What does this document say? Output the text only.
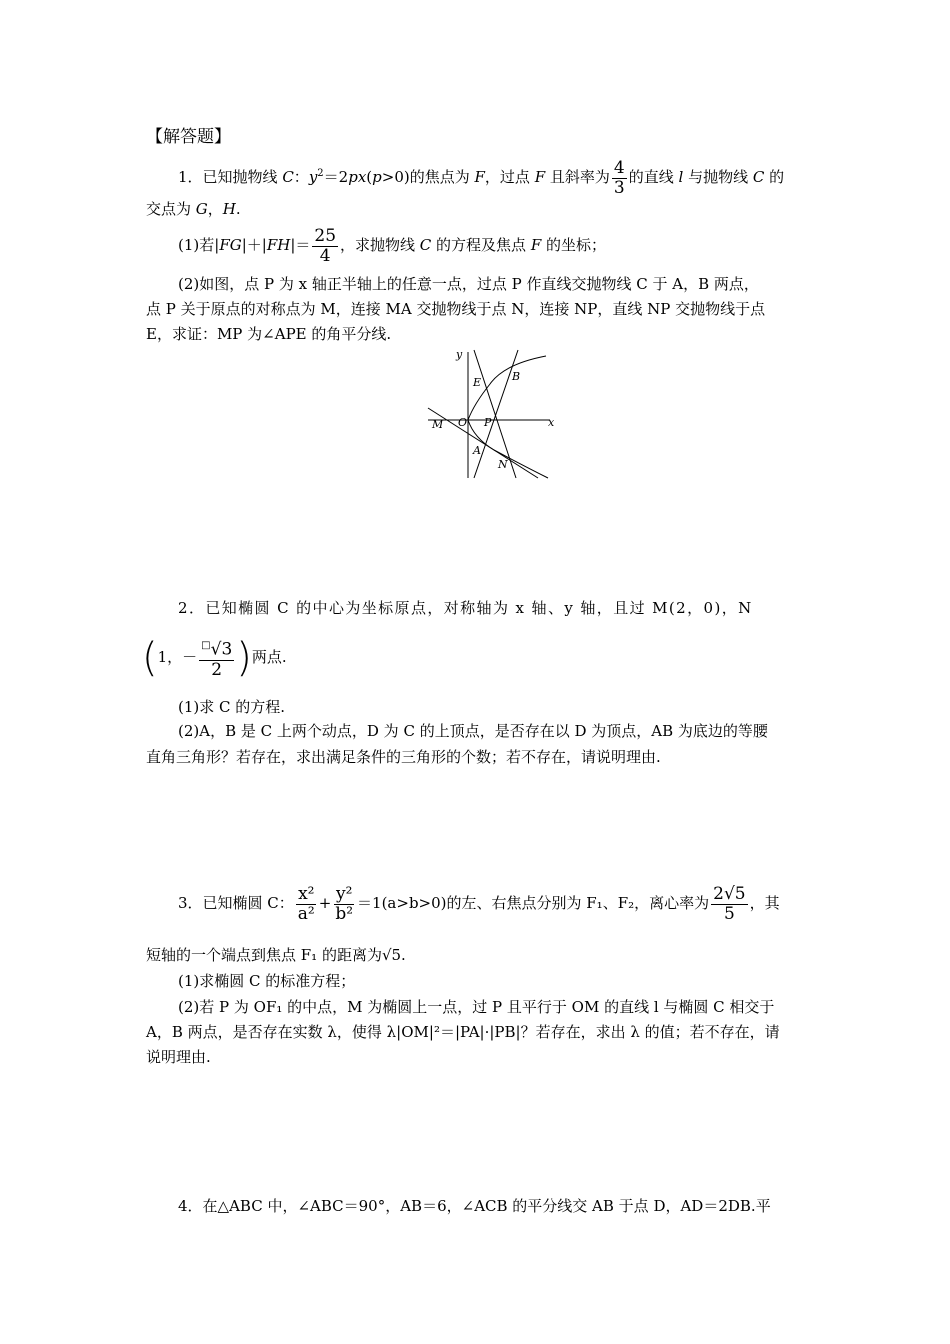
【解答题】
1．已知抛物线 C：$y^2=2px(p>0)$的焦点为 F，过点 F 且斜率为 $\frac{4}{3}$ 的直线 l 与抛物线 C 的
交点为 G，H.
(1)若$|FG|+|FH|= \frac{25}{4}$ ，求抛物线 C 的方程及焦点 F 的坐标；
(2)如图，点 P 为 x 轴正半轴上的任意一点，过点 P 作直线交抛物线 C 于 A，B 两点，
点 P 关于原点的对称点为 M，连接 MA 交抛物线于点 N，连接 NP，直线 NP 交抛物线于点
E，求证：MP 为∠APE 的角平分线.
y
x
E	B
M O P
A
N
2．已知椭圆 C 的中心为坐标原点，对称轴为 x 轴、y 轴，且过 M(2，0)，N
(1，－ $\frac{^□√3}{2}$ )两点.
(1)求 C 的方程.
(2)A，B 是 C 上两个动点，D 为 C 的上顶点，是否存在以 D 为顶点，AB 为底边的等腰
直角三角形？若存在，求出满足条件的三角形的个数；若不存在，请说明理由.
3．已知椭圆 C： $\frac{\text{x²}}{\text{a²}} + \frac{\text{y²}}{\text{b²}} =1(a>b>0)$的左、右焦点分别为 F₁、F₂，离心率为 $\frac{2√5}{5}$ ，其
短轴的一个端点到焦点 F₁ 的距离为√5.
(1)求椭圆 C 的标准方程；
(2)若 P 为 OF₁ 的中点，M 为椭圆上一点，过 P 且平行于 OM 的直线 l 与椭圆 C 相交于
A，B 两点，是否存在实数 λ，使得 λ|OM|²＝|PA|·|PB|？若存在，求出 λ 的值；若不存在，请
说明理由.
4．在△ABC 中，∠ABC＝90°，AB＝6，∠ACB 的平分线交 AB 于点 D，AD＝2DB.平
